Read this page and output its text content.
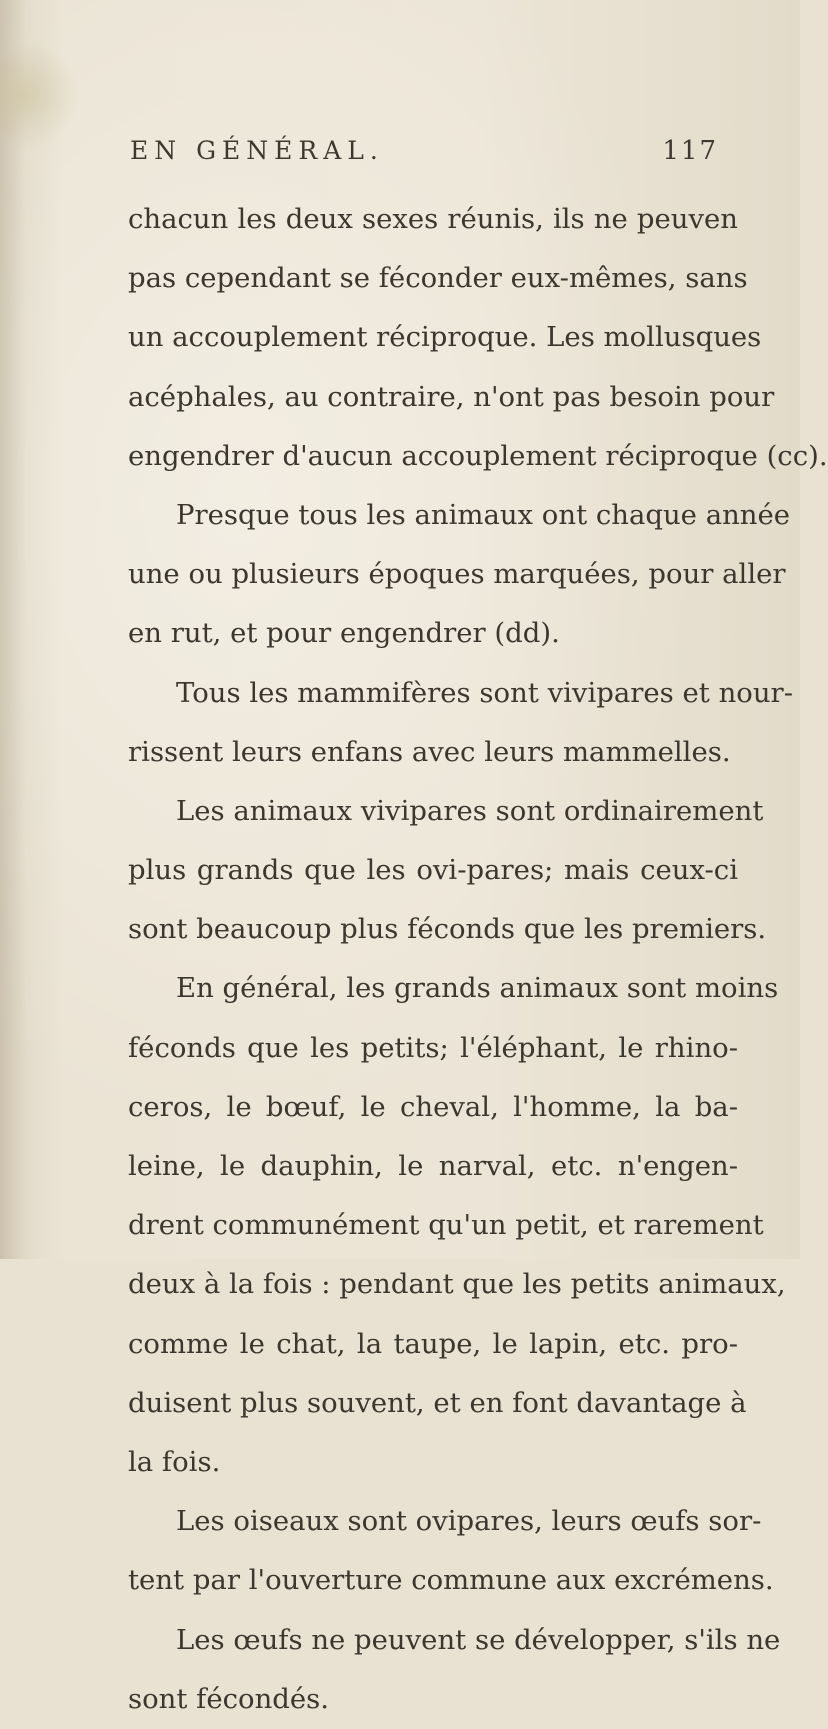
EN GÉNÉRAL.	117
chacun les deux sexes réunis, ils ne peuven
pas cependant se féconder eux-mêmes, sans
un accouplement réciproque. Les mollusques
acéphales, au contraire, n'ont pas besoin pour
engendrer d'aucun accouplement réciproque (cc).
Presque tous les animaux ont chaque année
une ou plusieurs époques marquées, pour aller
en rut, et pour engendrer (dd).
Tous les mammifères sont vivipares et nour-
rissent leurs enfans avec leurs mammelles.
Les animaux vivipares sont ordinairement
plus grands que les ovi-pares; mais ceux-ci
sont beaucoup plus féconds que les premiers.
En général, les grands animaux sont moins
féconds que les petits; l'éléphant, le rhino-
ceros, le bœuf, le cheval, l'homme, la ba-
leine, le dauphin, le narval, etc. n'engen-
drent communément qu'un petit, et rarement
deux à la fois : pendant que les petits animaux,
comme le chat, la taupe, le lapin, etc. pro-
duisent plus souvent, et en font davantage à
la fois.
Les oiseaux sont ovipares, leurs œufs sor-
tent par l'ouverture commune aux excrémens.
Les œufs ne peuvent se développer, s'ils ne
sont fécondés.
